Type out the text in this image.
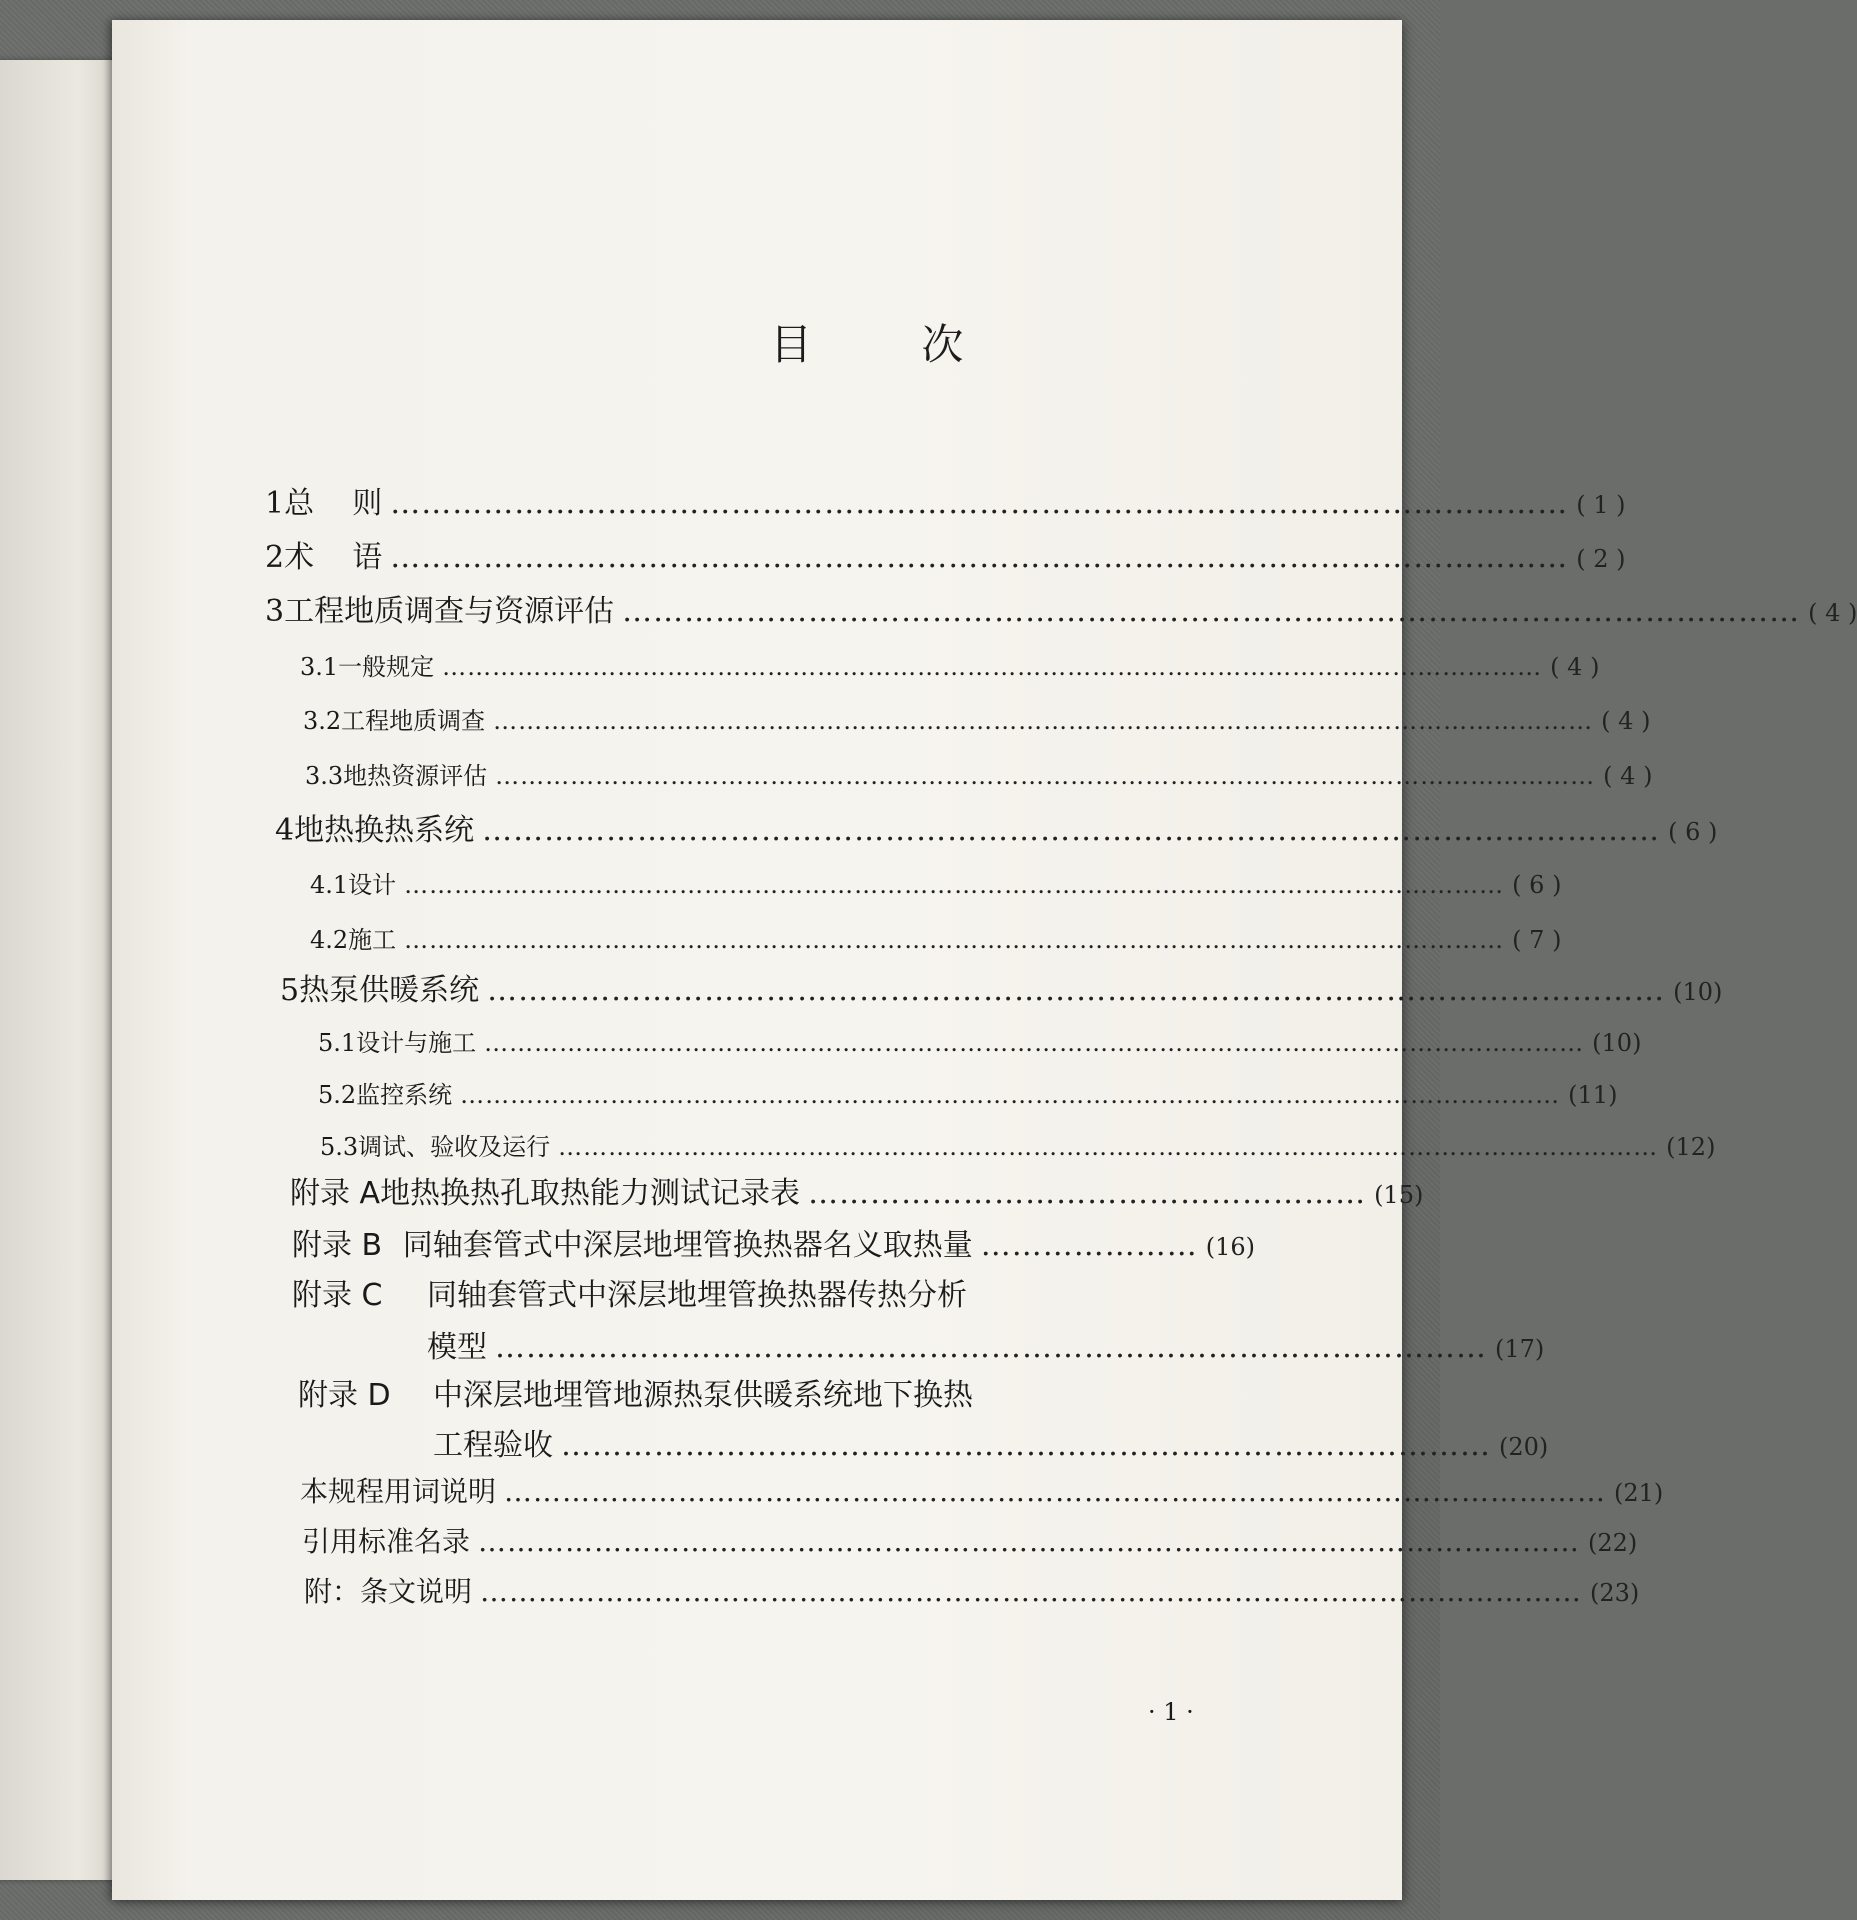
目 次
1 总    则 …………………………………………………………………………………………………… ( 1 )
2 术    语 …………………………………………………………………………………………………… ( 2 )
3 工程地质调查与资源评估 …………………………………………………………………………………………………… ( 4 )
3.1 一般规定 …………………………………………………………………………………………………………………… ( 4 )
3.2 工程地质调查 …………………………………………………………………………………………………………………… ( 4 )
3.3 地热资源评估 …………………………………………………………………………………………………………………… ( 4 )
4 地热换热系统 …………………………………………………………………………………………………… ( 6 )
4.1 设计 …………………………………………………………………………………………………………………… ( 6 )
4.2 施工 …………………………………………………………………………………………………………………… ( 7 )
5 热泵供暖系统 …………………………………………………………………………………………………… (10)
5.1 设计与施工 …………………………………………………………………………………………………………………… (10)
5.2 监控系统 …………………………………………………………………………………………………………………… (11)
5.3 调试、验收及运行 …………………………………………………………………………………………………………………… (12)
附录 A 地热换热孔取热能力测试记录表 ……………………………………………… (15)
附录 B 同轴套管式中深层地埋管换热器名义取热量 ………………… (16)
附录 C	同轴套管式中深层地埋管换热器传热分析
模型 …………………………………………………………………………………… (17)
附录 D	中深层地埋管地源热泵供暖系统地下换热
工程验收 ……………………………………………………………………………… (20)
本规程用词说明 …………………………………………………………………………………………………… (21)
引用标准名录 …………………………………………………………………………………………………… (22)
附：条文说明 …………………………………………………………………………………………………… (23)
· 1 ·
